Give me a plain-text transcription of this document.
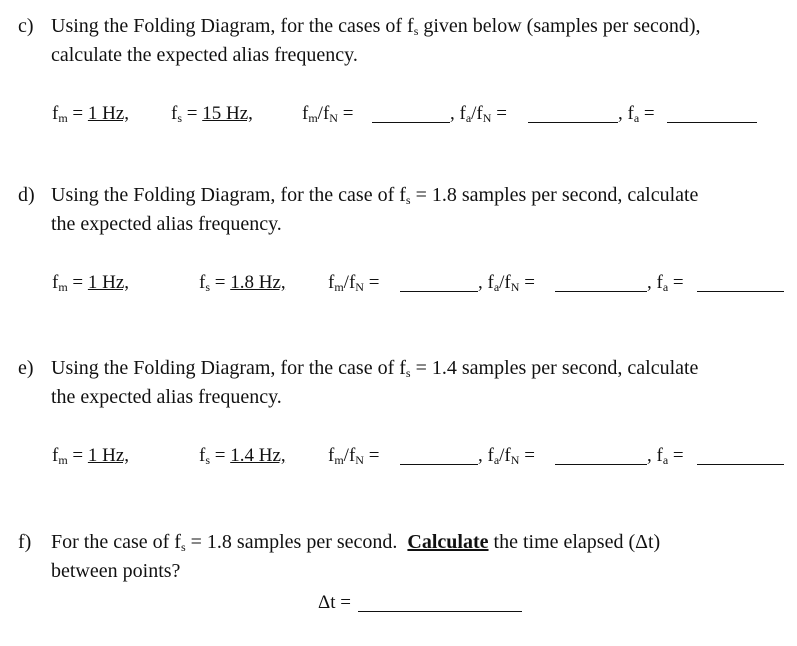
c) Using the Folding Diagram, for the cases of $f_s$ given below (samples per second),
calculate the expected alias frequency.
$f_m = 1$ Hz, $f_s = 15$ Hz,	$f_m/f_N$ =	, $f_a/f_N$ =	, $f_a$ =
d) Using the Folding Diagram, for the case of $f_s = 1.8$ samples per second, calculate
the expected alias frequency.
$f_m = 1$ Hz,	$f_s = 1.8$ Hz, $f_m/f_N$ =	, $f_a/f_N$ =	, $f_a$ =
e) Using the Folding Diagram, for the case of $f_s = 1.4$ samples per second, calculate
the expected alias frequency.
$f_m = 1$ Hz,	$f_s = 1.4$ Hz, $f_m/f_N$ =	, $f_a/f_N$ =	, $f_a$ =
f) For the case of $f_s = 1.8$ samples per second.  Calculate the time elapsed (Δt)
between points?
Δt =
